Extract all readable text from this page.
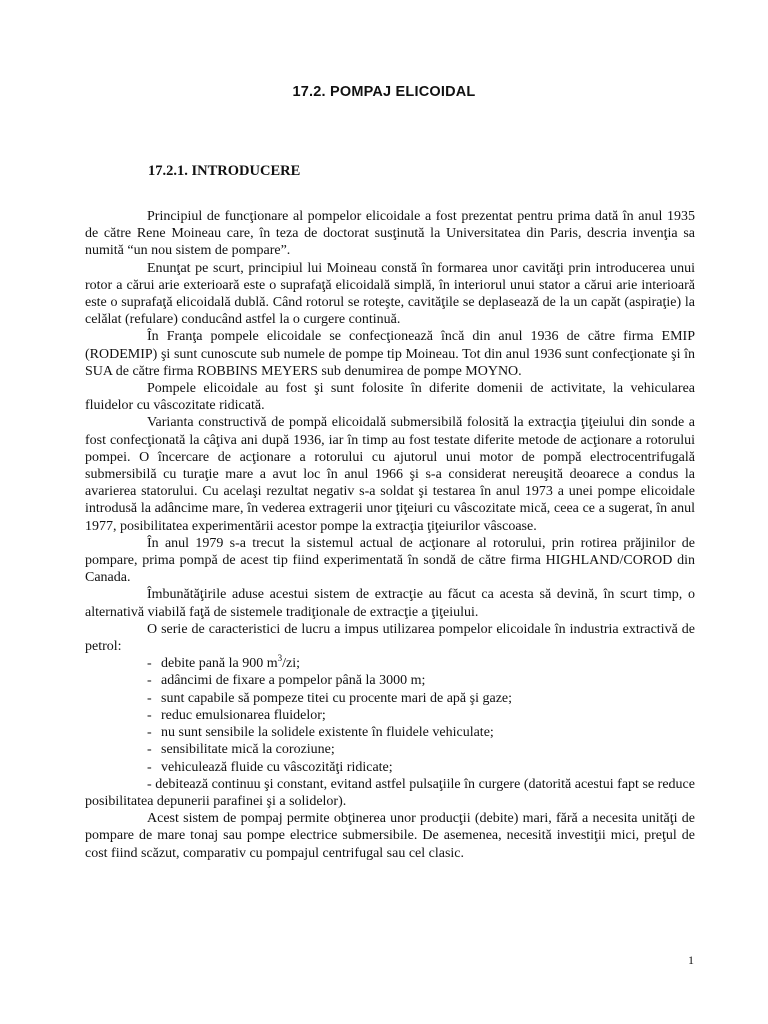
17.2. POMPAJ ELICOIDAL
17.2.1. INTRODUCERE

Principiul de funcţionare al pompelor elicoidale a fost prezentat pentru prima dată în anul 1935 de către Rene Moineau care, în teza de doctorat susţinută la Universitatea din Paris, descria invenţia sa numită “un nou sistem de pompare”.

Enunţat pe scurt, principiul lui Moineau constă în formarea unor cavităţi prin introducerea unui rotor a cărui arie exterioară este o suprafaţă elicoidală simplă, în interiorul unui stator a cărui arie interioară este o suprafaţă elicoidală dublă. Când rotorul se roteşte, cavităţile se deplasează de la un capăt (aspiraţie) la celălat (refulare) conducând astfel la o curgere continuă.

În Franţa pompele elicoidale se confecţionează încă din anul 1936 de către firma EMIP (RODEMIP) şi sunt cunoscute sub numele de pompe tip Moineau. Tot din anul 1936 sunt confecţionate şi în SUA de către firma ROBBINS MEYERS sub denumirea de pompe MOYNO.

Pompele elicoidale au fost şi sunt folosite în diferite domenii de activitate, la vehicularea fluidelor cu vâscozitate ridicată.

Varianta constructivă de pompă elicoidală submersibilă folosită la extracţia ţiţeiului din sonde a fost confecţionată la câţiva ani după 1936, iar în timp au fost testate diferite metode de acţionare a rotorului pompei. O încercare de acţionare a rotorului cu ajutorul unui motor de pompă electrocentrifugală submersibilă cu turaţie mare a avut loc în anul 1966 şi s-a considerat nereuşită deoarece a condus la avarierea statorului. Cu acelaşi rezultat negativ s-a soldat şi testarea în anul 1973 a unei pompe elicoidale introdusă la adâncime mare, în vederea extragerii unor ţiţeiuri cu vâscozitate mică, ceea ce a sugerat, în anul 1977, posibilitatea experimentării acestor pompe la extracţia ţiţeiurilor vâscoase.

În anul 1979 s-a trecut la sistemul actual de acţionare al rotorului, prin rotirea prăjinilor de pompare, prima pompă de acest tip fiind experimentată în sondă de către firma HIGHLAND/COROD din Canada.

Îmbunătăţirile aduse acestui sistem de extracţie au făcut ca acesta să devină, în scurt timp, o alternativă viabilă faţă de sistemele tradiţionale de extracţie a ţiţeiului.

O serie de caracteristici de lucru a impus utilizarea pompelor elicoidale în industria extractivă de petrol:

- debite pană la 900 $m^3/zi$;
- adâncimi de fixare a pompelor până la 3000 m;
- sunt capabile să pompeze titei cu procente mari de apă şi gaze;
- reduc emulsionarea fluidelor;
- nu sunt sensibile la solidele existente în fluidele vehiculate;
- sensibilitate mică la coroziune;
- vehiculează fluide cu vâscozităţi ridicate;

- debitează continuu şi constant, evitand astfel pulsaţiile în curgere (datorită acestui fapt se reduce posibilitatea depunerii parafinei şi a solidelor).

Acest sistem de pompaj permite obţinerea unor producţii (debite) mari, fără a necesita unităţi de pompare de mare tonaj sau pompe electrice submersibile. De asemenea, necesită investiţii mici, preţul de cost fiind scăzut, comparativ cu pompajul centrifugal sau cel clasic.

1
